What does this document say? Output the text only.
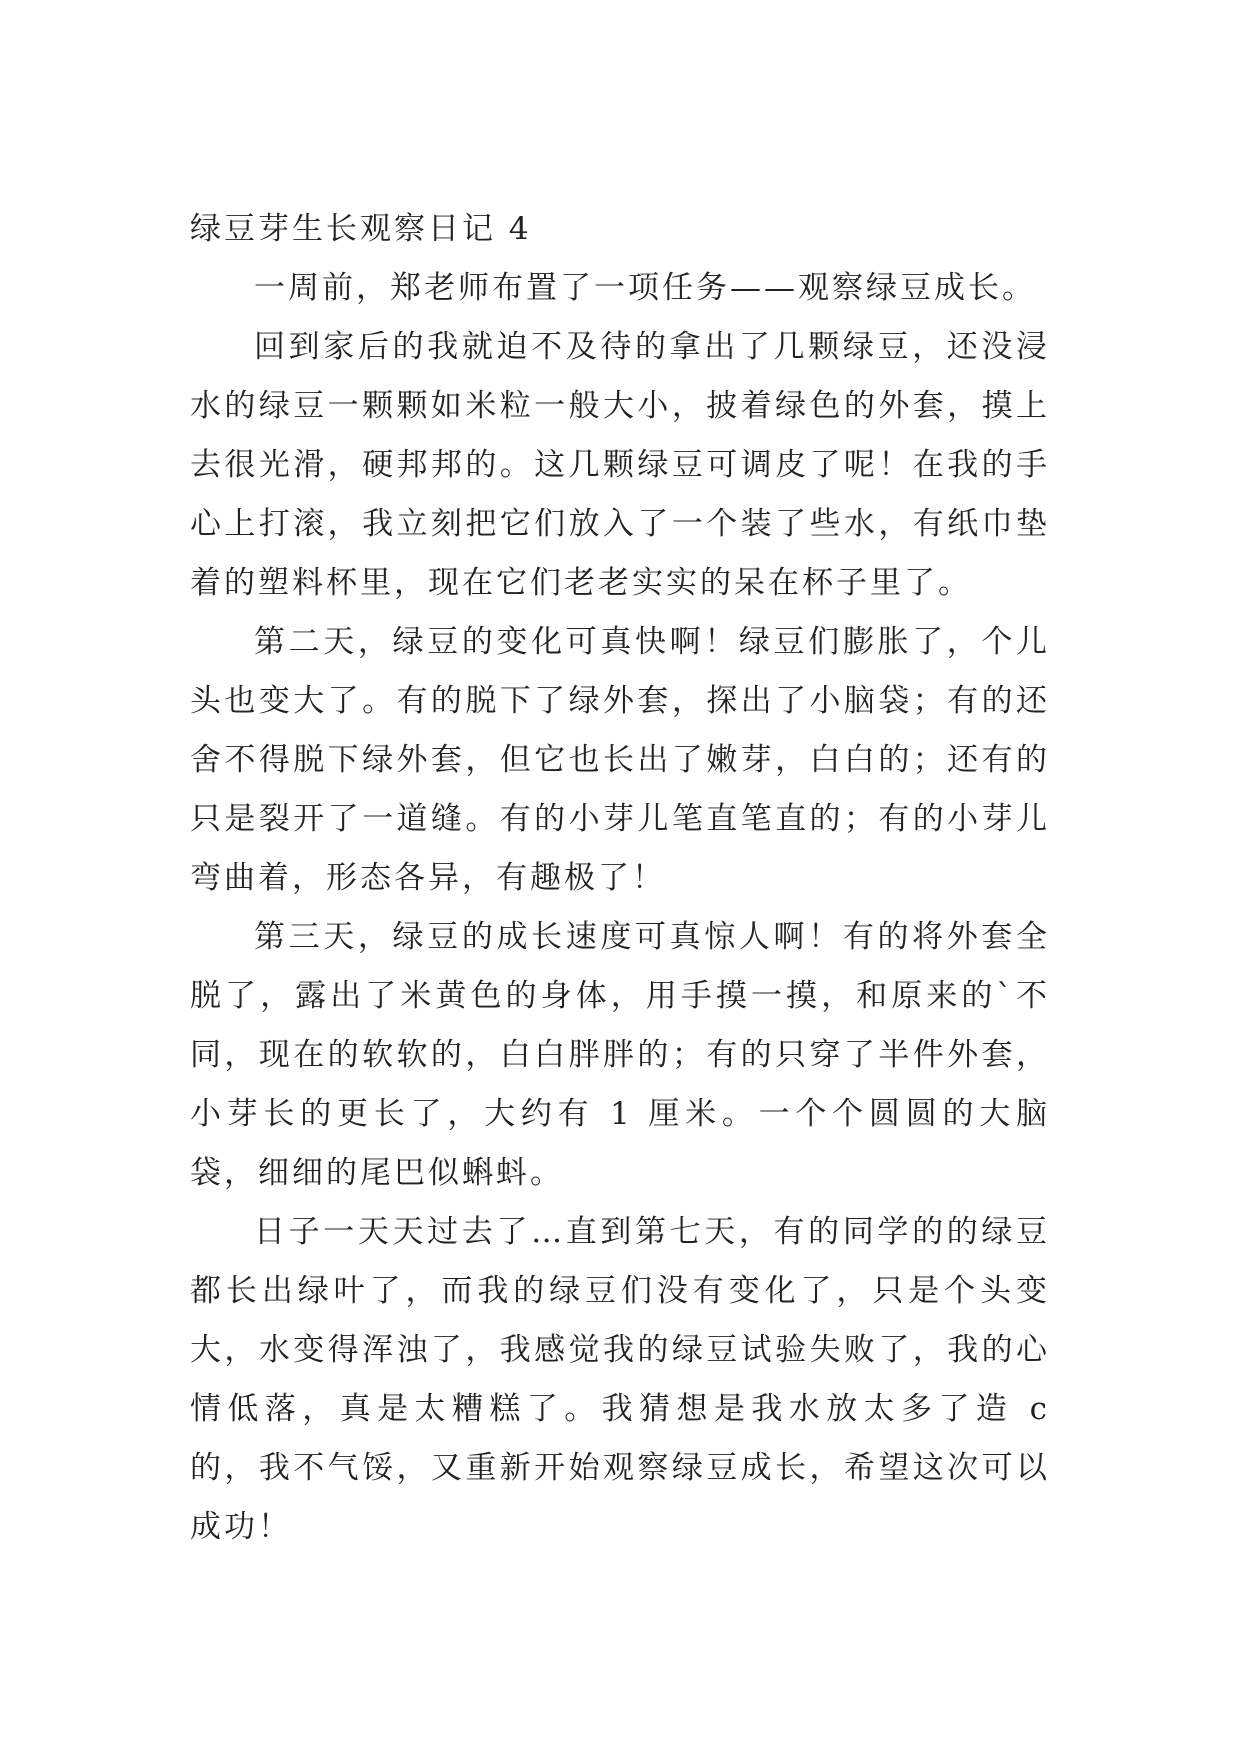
绿豆芽生长观察日记 4

一周前，郑老师布置了一项任务——观察绿豆成长。

回到家后的我就迫不及待的拿出了几颗绿豆，还没浸水的绿豆一颗颗如米粒一般大小，披着绿色的外套，摸上去很光滑，硬邦邦的。这几颗绿豆可调皮了呢！在我的手心上打滚，我立刻把它们放入了一个装了些水，有纸巾垫着的塑料杯里，现在它们老老实实的呆在杯子里了。

第二天，绿豆的变化可真快啊！绿豆们膨胀了，个儿头也变大了。有的脱下了绿外套，探出了小脑袋；有的还舍不得脱下绿外套，但它也长出了嫩芽，白白的；还有的只是裂开了一道缝。有的小芽儿笔直笔直的；有的小芽儿弯曲着，形态各异，有趣极了！

第三天，绿豆的成长速度可真惊人啊！有的将外套全脱了，露出了米黄色的身体，用手摸一摸，和原来的`不同，现在的软软的，白白胖胖的；有的只穿了半件外套，小芽长的更长了，大约有 1 厘米。一个个圆圆的大脑袋，细细的尾巴似蝌蚪。

日子一天天过去了…直到第七天，有的同学的的绿豆都长出绿叶了，而我的绿豆们没有变化了，只是个头变大，水变得浑浊了，我感觉我的绿豆试验失败了，我的心情低落，真是太糟糕了。我猜想是我水放太多了造 c 的，我不气馁，又重新开始观察绿豆成长，希望这次可以成功！
